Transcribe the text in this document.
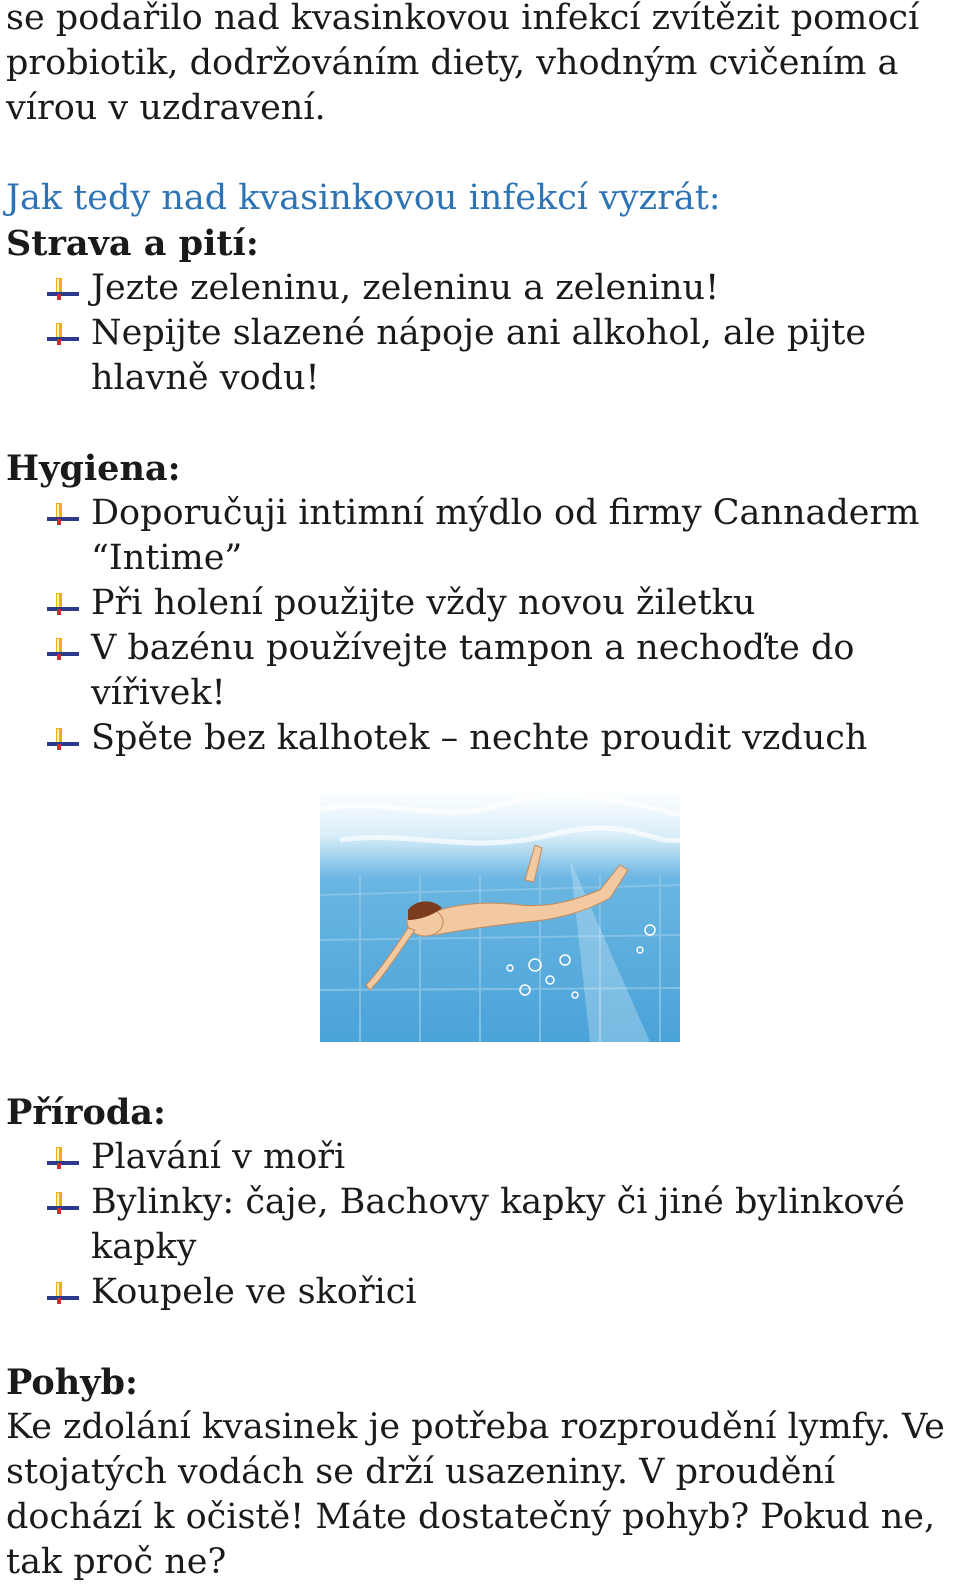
se podařilo nad kvasinkovou infekcí zvítězit pomocí probiotik, dodržováním diety, vhodným cvičením a vírou v uzdravení.

Jak tedy nad kvasinkovou infekcí vyzrát:

Strava a pití:

Jezte zeleninu, zeleninu a zeleninu!
Nepijte slazené nápoje ani alkohol, ale pijte hlavně vodu!

Hygiena:

Doporučuji intimní mýdlo od firmy Cannaderm “Intime”
Při holení použijte vždy novou žiletku
V bazénu používejte tampon a nechoďte do vířivek!
Spěte bez kalhotek – nechte proudit vzduch

Příroda:

Plavání v moři
Bylinky: čaje, Bachovy kapky či jiné bylinkové kapky
Koupele ve skořici

Pohyb:

Ke zdolání kvasinek je potřeba rozproudění lymfy. Ve stojatých vodách se drží usazeniny. V proudění dochází k očistě! Máte dostatečný pohyb? Pokud ne, tak proč ne?
